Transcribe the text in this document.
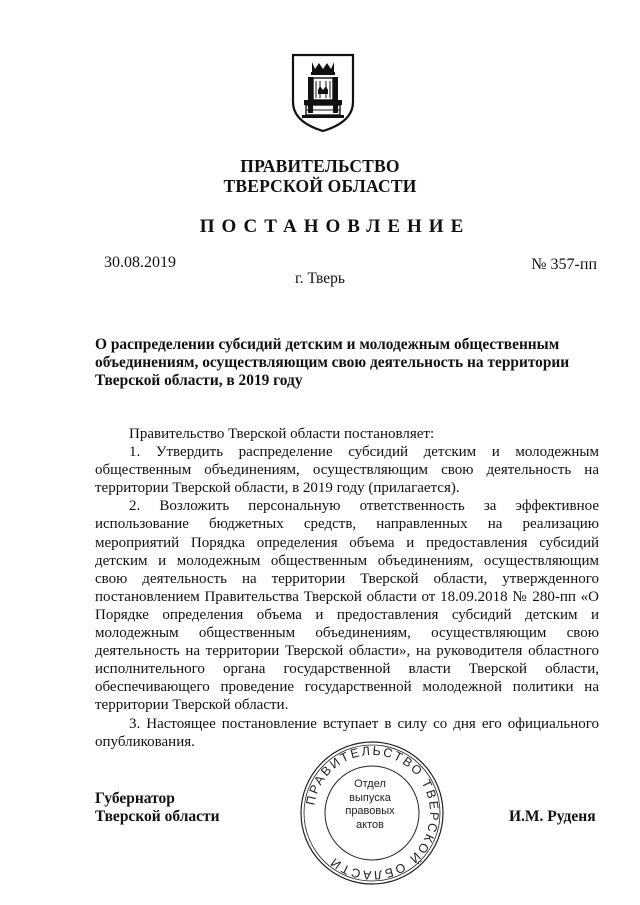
ПРАВИТЕЛЬСТВО
ТВЕРСКОЙ ОБЛАСТИ
ПОСТАНОВЛЕНИЕ
30.08.2019	№ 357-пп
г. Тверь
О распределении субсидий детским и молодежным общественным
объединениям, осуществляющим свою деятельность на территории
Тверской области, в 2019 году

Правительство Тверской области постановляет:

1. Утвердить распределение субсидий детским и молодежным общественным объединениям, осуществляющим свою деятельность на территории Тверской области, в 2019 году (прилагается).

2. Возложить персональную ответственность за эффективное использование бюджетных средств, направленных на реализацию мероприятий Порядка определения объема и предоставления субсидий детским и молодежным общественным объединениям, осуществляющим свою деятельность на территории Тверской области, утвержденного постановлением Правительства Тверской области от 18.09.2018 № 280-пп «О Порядке определения объема и предоставления субсидий детским и молодежным общественным объединениям, осуществляющим свою деятельность на территории Тверской области», на руководителя областного исполнительного органа государственной власти Тверской области, обеспечивающего проведение государственной молодежной политики на территории Тверской области.

3. Настоящее постановление вступает в силу со дня его официального опубликования.

Губернатор
Тверской области	И.М. Руденя
ПРАВИТЕЛЬСТВО ТВЕРСКОЙ ОБЛАСТИ
Отдел
выпуска
правовых
актов
